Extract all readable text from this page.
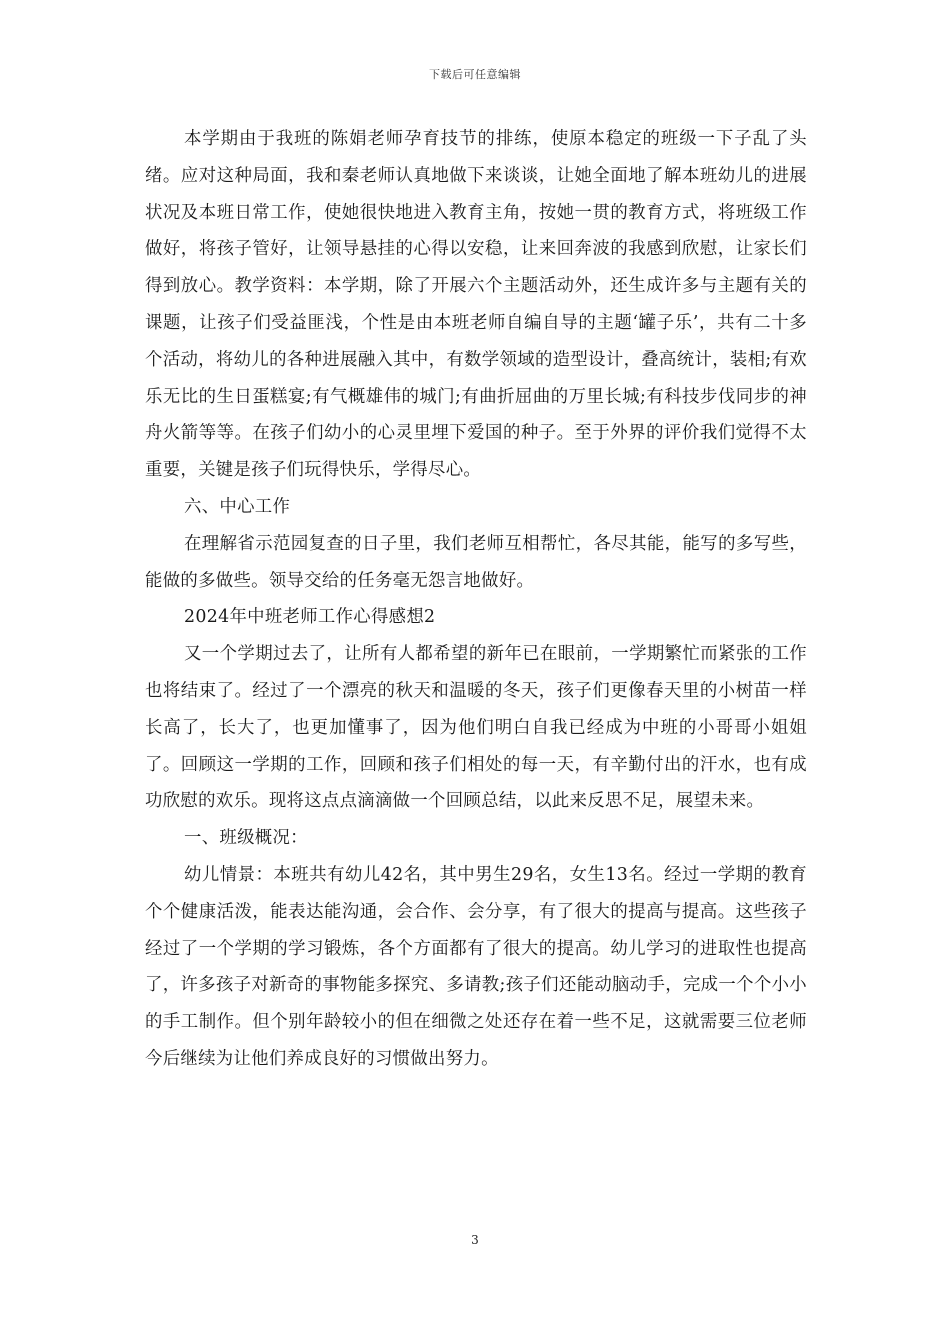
下载后可任意编辑

本学期由于我班的陈娟老师孕育技节的排练，使原本稳定的班级一下子乱了头绪。应对这种局面，我和秦老师认真地做下来谈谈，让她全面地了解本班幼儿的进展状况及本班日常工作，使她很快地进入教育主角，按她一贯的教育方式，将班级工作做好，将孩子管好，让领导悬挂的心得以安稳，让来回奔波的我感到欣慰，让家长们得到放心。教学资料：本学期，除了开展六个主题活动外，还生成许多与主题有关的课题，让孩子们受益匪浅，个性是由本班老师自编自导的主题‘罐子乐’，共有二十多个活动，将幼儿的各种进展融入其中，有数学领域的造型设计，叠高统计，装相;有欢乐无比的生日蛋糕宴;有气概雄伟的城门;有曲折屈曲的万里长城;有科技步伐同步的神舟火箭等等。在孩子们幼小的心灵里埋下爱国的种子。至于外界的评价我们觉得不太重要，关键是孩子们玩得快乐，学得尽心。

六、中心工作

在理解省示范园复查的日子里，我们老师互相帮忙，各尽其能，能写的多写些，能做的多做些。领导交给的任务毫无怨言地做好。

2024年中班老师工作心得感想2

又一个学期过去了，让所有人都希望的新年已在眼前，一学期繁忙而紧张的工作也将结束了。经过了一个漂亮的秋天和温暖的冬天，孩子们更像春天里的小树苗一样长高了，长大了，也更加懂事了，因为他们明白自我已经成为中班的小哥哥小姐姐了。回顾这一学期的工作，回顾和孩子们相处的每一天，有辛勤付出的汗水，也有成功欣慰的欢乐。现将这点点滴滴做一个回顾总结，以此来反思不足，展望未来。

一、班级概况：

幼儿情景：本班共有幼儿42名，其中男生29名，女生13名。经过一学期的教育个个健康活泼，能表达能沟通，会合作、会分享，有了很大的提高与提高。这些孩子经过了一个学期的学习锻炼，各个方面都有了很大的提高。幼儿学习的进取性也提高了，许多孩子对新奇的事物能多探究、多请教;孩子们还能动脑动手，完成一个个小小的手工制作。但个别年龄较小的但在细微之处还存在着一些不足，这就需要三位老师今后继续为让他们养成良好的习惯做出努力。

3
